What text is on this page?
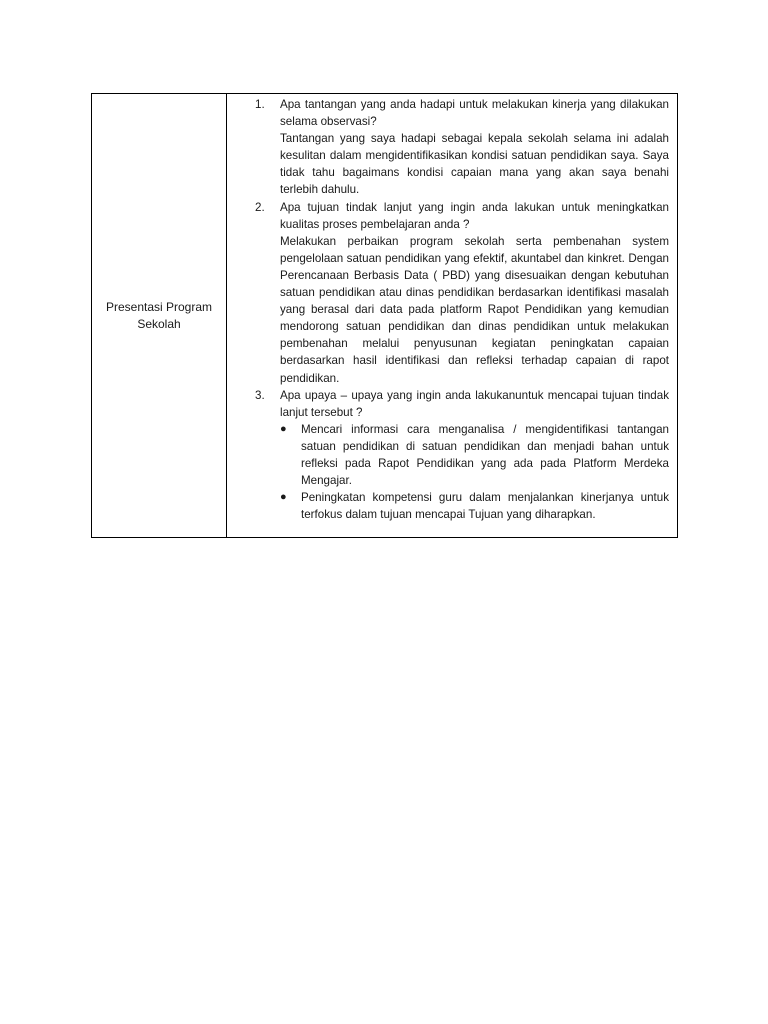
Presentasi Program Sekolah

1. Apa tantangan yang anda hadapi untuk melakukan kinerja yang dilakukan selama observasi?
Tantangan yang saya hadapi sebagai kepala sekolah selama ini adalah kesulitan dalam mengidentifikasikan kondisi satuan pendidikan saya. Saya tidak tahu bagaimans kondisi capaian mana yang akan saya benahi terlebih dahulu.
2. Apa tujuan tindak lanjut yang ingin anda lakukan untuk meningkatkan kualitas proses pembelajaran anda ?
Melakukan perbaikan program sekolah serta pembenahan system pengelolaan satuan pendidikan yang efektif, akuntabel dan kinkret. Dengan Perencanaan Berbasis Data ( PBD) yang disesuaikan dengan kebutuhan satuan pendidikan atau dinas pendidikan berdasarkan identifikasi masalah yang berasal dari data pada platform Rapot Pendidikan yang kemudian mendorong satuan pendidikan dan dinas pendidikan untuk melakukan pembenahan melalui penyusunan kegiatan peningkatan capaian berdasarkan hasil identifikasi dan refleksi terhadap capaian di rapot pendidikan.
3. Apa upaya – upaya yang ingin anda lakukanuntuk mencapai tujuan tindak lanjut tersebut ?
● Mencari informasi cara menganalisa / mengidentifikasi tantangan satuan pendidikan di satuan pendidikan dan menjadi bahan untuk refleksi pada Rapot Pendidikan yang ada pada Platform Merdeka Mengajar.
● Peningkatan kompetensi guru dalam menjalankan kinerjanya untuk terfokus dalam tujuan mencapai Tujuan yang diharapkan.
